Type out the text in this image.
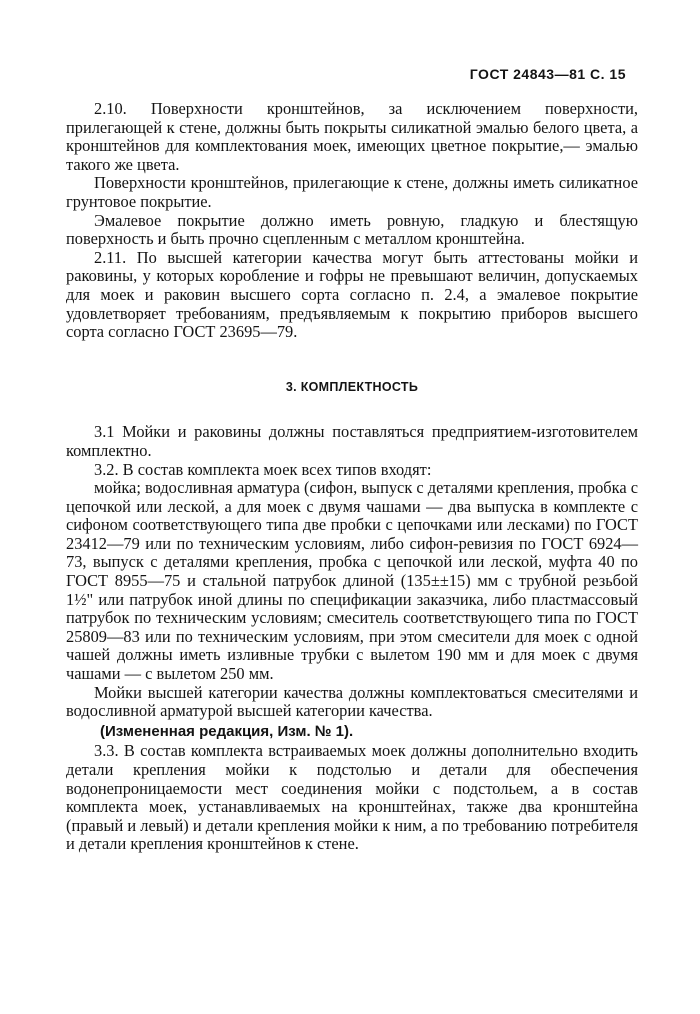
ГОСТ 24843—81 С. 15

2.10. Поверхности кронштейнов, за исключением поверхности, прилегающей к стене, должны быть покрыты силикатной эмалью белого цвета, а кронштейнов для комплектования моек, имеющих цветное покрытие,— эмалью такого же цвета.

Поверхности кронштейнов, прилегающие к стене, должны иметь силикатное грунтовое покрытие.

Эмалевое покрытие должно иметь ровную, гладкую и блестящую поверхность и быть прочно сцепленным с металлом кронштейна.

2.11. По высшей категории качества могут быть аттестованы мойки и раковины, у которых коробление и гофры не превышают величин, допускаемых для моек и раковин высшего сорта согласно п. 2.4, а эмалевое покрытие удовлетворяет требованиям, предъявляемым к покрытию приборов высшего сорта согласно ГОСТ 23695—79.

3. КОМПЛЕКТНОСТЬ

3.1 Мойки и раковины должны поставляться предприятием-изготовителем комплектно.

3.2. В состав комплекта моек всех типов входят:

мойка; водосливная арматура (сифон, выпуск с деталями крепления, пробка с цепочкой или леской, а для моек с двумя чашами — два выпуска в комплекте с сифоном соответствующего типа две пробки с цепочками или лесками) по ГОСТ 23412—79 или по техническим условиям, либо сифон-ревизия по ГОСТ 6924—73, выпуск с деталями крепления, пробка с цепочкой или леской, муфта 40 по ГОСТ 8955—75 и стальной патрубок длиной (135±±15) мм с трубной резьбой 1½" или патрубок иной длины по спецификации заказчика, либо пластмассовый патрубок по техническим условиям; смеситель соответствующего типа по ГОСТ 25809—83 или по техническим условиям, при этом смесители для моек с одной чашей должны иметь изливные трубки с вылетом 190 мм и для моек с двумя чашами — с вылетом 250 мм.

Мойки высшей категории качества должны комплектоваться смесителями и водосливной арматурой высшей категории качества.

(Измененная редакция, Изм. № 1).

3.3. В состав комплекта встраиваемых моек должны дополнительно входить детали крепления мойки к подстолью и детали для обеспечения водонепроницаемости мест соединения мойки с подстольем, а в состав комплекта моек, устанавливаемых на кронштейнах, также два кронштейна (правый и левый) и детали крепления мойки к ним, а по требованию потребителя и детали крепления кронштейнов к стене.
